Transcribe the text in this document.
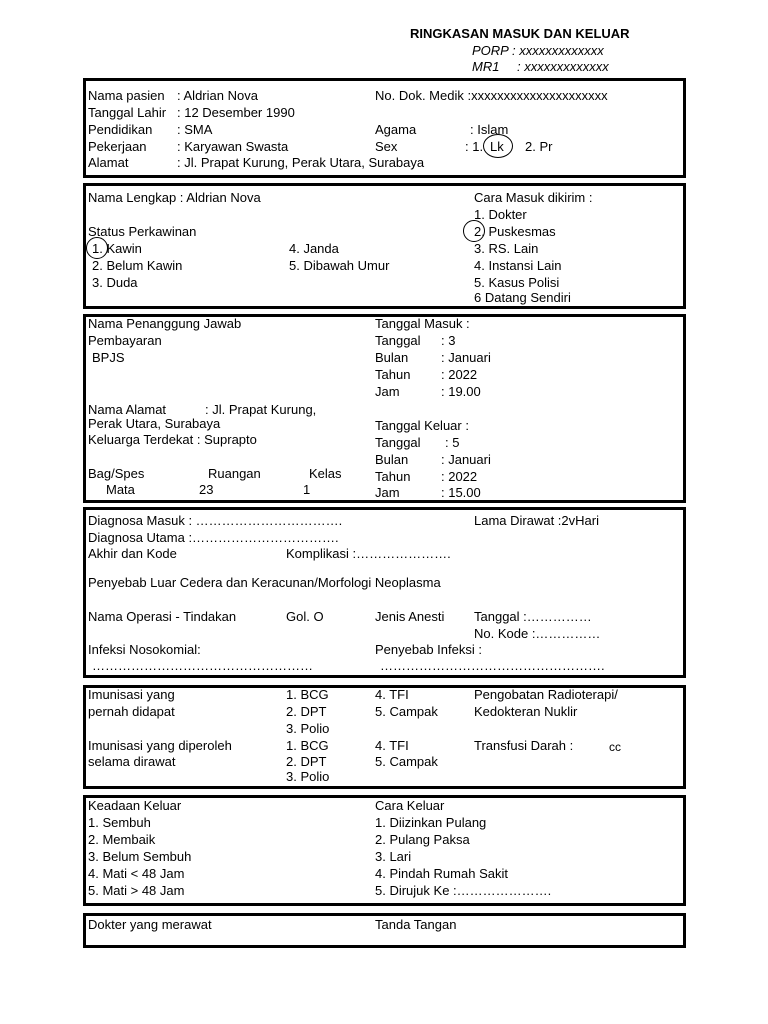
RINGKASAN MASUK DAN KELUAR
PORP : xxxxxxxxxxxxx
MR1 : xxxxxxxxxxxxx
Nama pasien : Aldrian Nova
Tanggal Lahir : 12 Desember 1990
Pendidikan : SMA
Pekerjaan : Karyawan Swasta
Alamat	: Jl. Prapat Kurung, Perak Utara, Surabaya
No. Dok. Medik :xxxxxxxxxxxxxxxxxxxxx
Agama	: Islam
Sex	: 1. Lk 2. Pr
Nama Lengkap : Aldrian Nova
Status Perkawinan
1. Kawin
2. Belum Kawin
3. Duda
4. Janda
5. Dibawah Umur
Cara Masuk dikirim :
1. Dokter
2. Puskesmas
3. RS. Lain
4. Instansi Lain
5. Kasus Polisi
6 Datang Sendiri
Nama Penanggung Jawab
Pembayaran
BPJS
Nama Alamat	: Jl. Prapat Kurung,
Perak Utara, Surabaya
Keluarga Terdekat : Suprapto
Bag/Spes	Ruangan	Kelas
Mata	23	1
Tanggal Masuk :
Tanggal : 3
Bulan	: Januari
Tahun : 2022
Jam	: 19.00
Tanggal Keluar :
Tanggal : 5
Bulan	: Januari
Tahun : 2022
Jam	: 15.00
Diagnosa Masuk : …………………………….	Lama Dirawat :2vHari
Diagnosa Utama :…………………………….
Akhir dan Kode	Komplikasi :………………….
Penyebab Luar Cedera dan Keracunan/Morfologi Neoplasma
Nama Operasi - Tindakan	Gol. O	Jenis Anesti Tanggal :……………
No. Kode :……………
Infeksi Nosokomial:	Penyebab Infeksi :
……………………………………………	…………………………………………….
Imunisasi yang
pernah didapat
1. BCG
2. DPT
3. Polio
4. TFI
5. Campak
Pengobatan Radioterapi/
Kedokteran Nuklir
Imunisasi yang diperoleh
selama dirawat
1. BCG
2. DPT
3. Polio
4. TFI
5. Campak
Transfusi Darah :	cc
Keadaan Keluar
1. Sembuh
2. Membaik
3. Belum Sembuh
4. Mati < 48 Jam
5. Mati > 48 Jam
Cara Keluar
1. Diizinkan Pulang
2. Pulang Paksa
3. Lari
4. Pindah Rumah Sakit
5. Dirujuk Ke :………………….
Dokter yang merawat	Tanda Tangan
